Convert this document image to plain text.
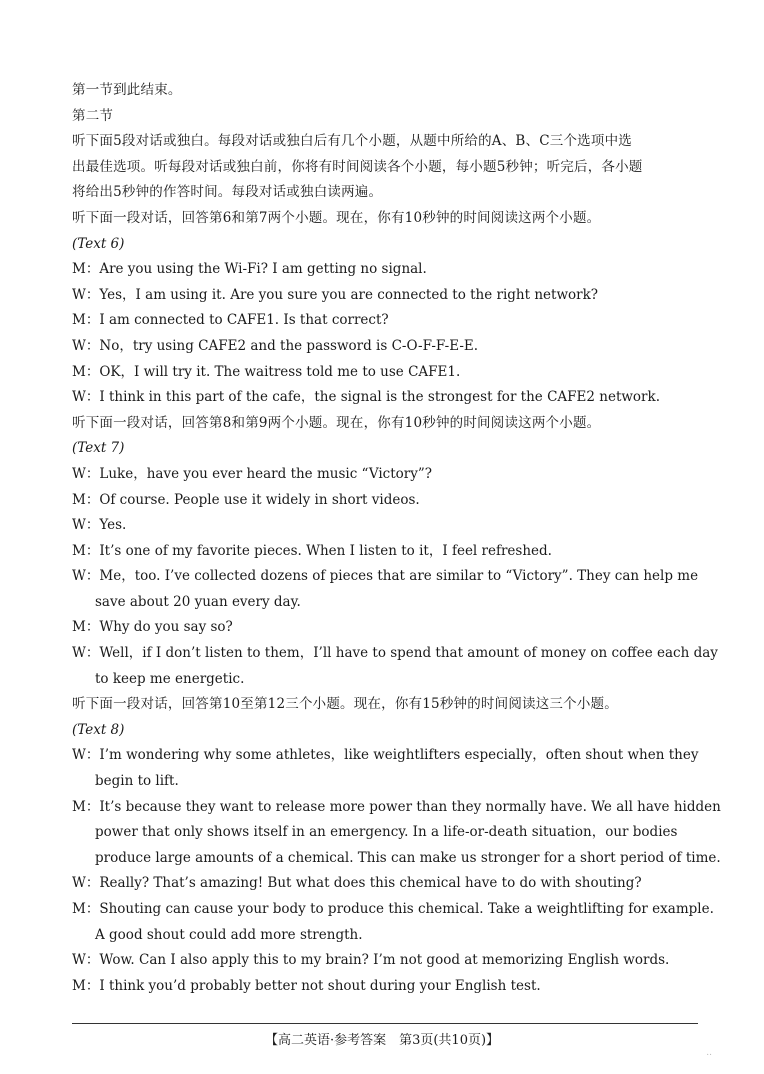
第一节到此结束。
第二节
听下面5段对话或独白。每段对话或独白后有几个小题，从题中所给的A、B、C三个选项中选
出最佳选项。听每段对话或独白前，你将有时间阅读各个小题，每小题5秒钟；听完后，各小题
将给出5秒钟的作答时间。每段对话或独白读两遍。
听下面一段对话，回答第6和第7两个小题。现在，你有10秒钟的时间阅读这两个小题。
(Text 6)
M：Are you using the Wi-Fi? I am getting no signal.
W：Yes，I am using it. Are you sure you are connected to the right network?
M：I am connected to CAFE1. Is that correct?
W：No，try using CAFE2 and the password is C-O-F-F-E-E.
M：OK，I will try it. The waitress told me to use CAFE1.
W：I think in this part of the cafe，the signal is the strongest for the CAFE2 network.
听下面一段对话，回答第8和第9两个小题。现在，你有10秒钟的时间阅读这两个小题。
(Text 7)
W：Luke，have you ever heard the music “Victory”?
M：Of course. People use it widely in short videos.
W：Yes.
M：It’s one of my favorite pieces. When I listen to it，I feel refreshed.
W：Me，too. I’ve collected dozens of pieces that are similar to “Victory”. They can help me
save about 20 yuan every day.
M：Why do you say so?
W：Well，if I don’t listen to them，I’ll have to spend that amount of money on coffee each day
to keep me energetic.
听下面一段对话，回答第10至第12三个小题。现在，你有15秒钟的时间阅读这三个小题。
(Text 8)
W：I’m wondering why some athletes，like weightlifters especially，often shout when they
begin to lift.
M：It’s because they want to release more power than they normally have. We all have hidden
power that only shows itself in an emergency. In a life-or-death situation，our bodies
produce large amounts of a chemical. This can make us stronger for a short period of time.
W：Really? That’s amazing! But what does this chemical have to do with shouting?
M：Shouting can cause your body to produce this chemical. Take a weightlifting for example.
A good shout could add more strength.
W：Wow. Can I also apply this to my brain? I’m not good at memorizing English words.
M：I think you’d probably better not shout during your English test.
【高二英语·参考答案　第3页(共10页)】
..
